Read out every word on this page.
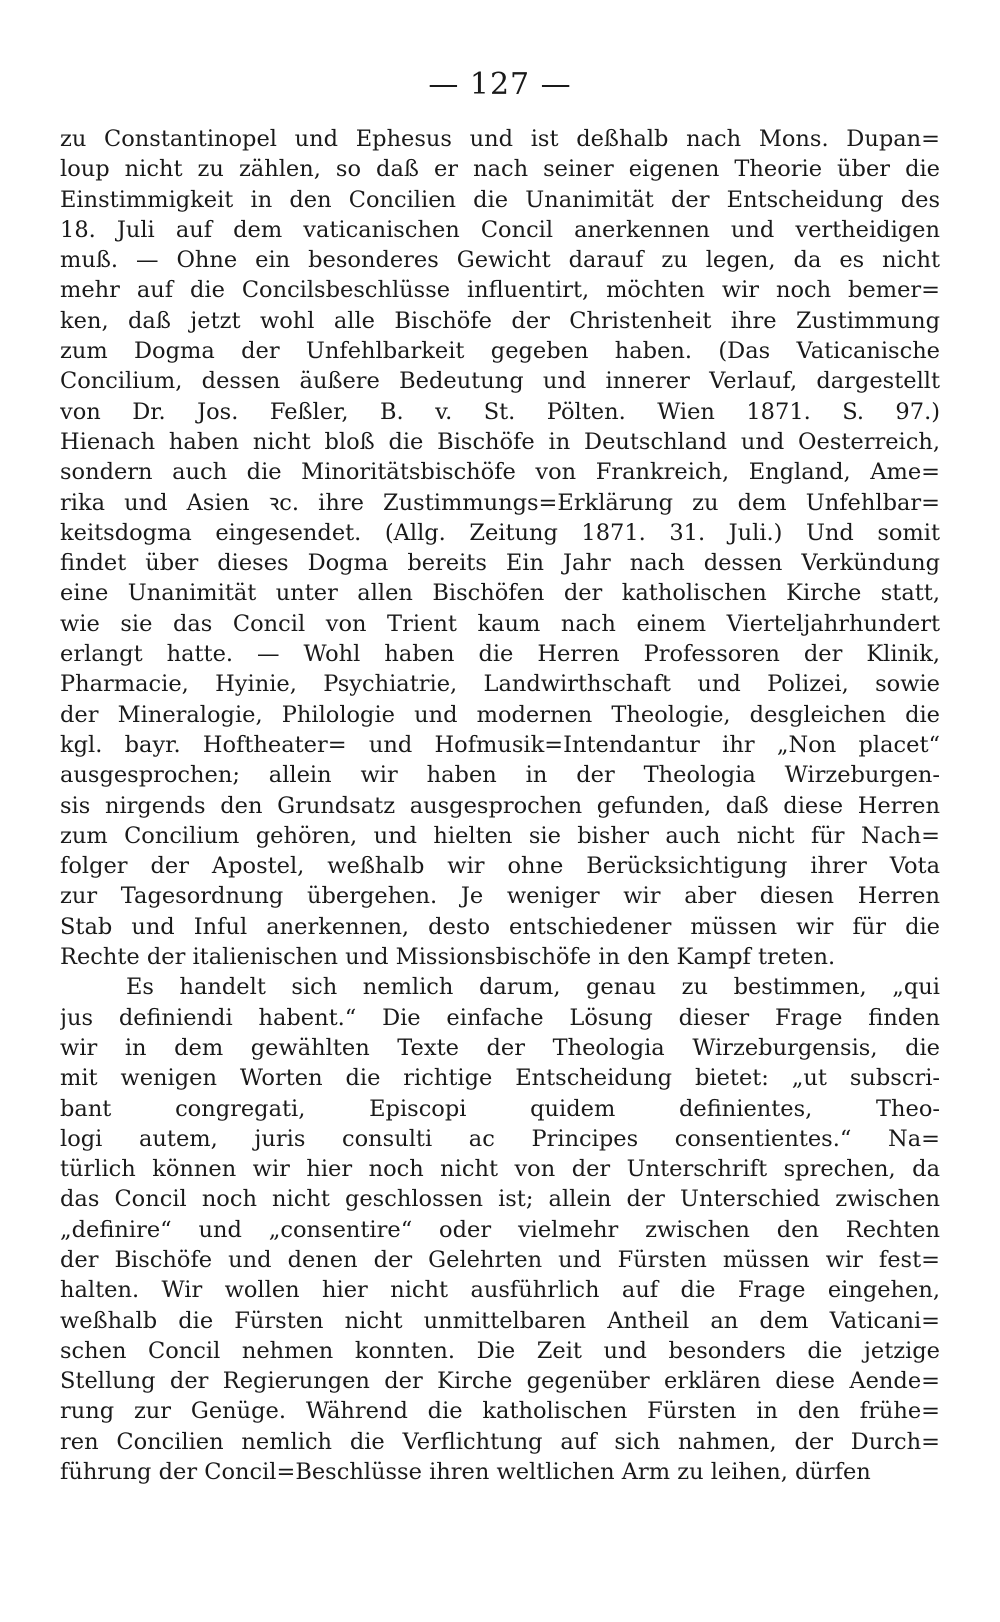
— 127 —
zu Constantinopel und Ephesus und ist deßhalb nach Mons. Dupan=
loup nicht zu zählen, so daß er nach seiner eigenen Theorie über die
Einstimmigkeit in den Concilien die Unanimität der Entscheidung des
18. Juli auf dem vaticanischen Concil anerkennen und vertheidigen
muß. — Ohne ein besonderes Gewicht darauf zu legen, da es nicht
mehr auf die Concilsbeschlüsse influentirt, möchten wir noch bemer=
ken, daß jetzt wohl alle Bischöfe der Christenheit ihre Zustimmung
zum Dogma der Unfehlbarkeit gegeben haben. (Das Vaticanische
Concilium, dessen äußere Bedeutung und innerer Verlauf, dargestellt
von Dr. Jos. Feßler, B. v. St. Pölten. Wien 1871. S. 97.)
Hienach haben nicht bloß die Bischöfe in Deutschland und Oesterreich,
sondern auch die Minoritätsbischöfe von Frankreich, England, Ame=
rika und Asien ꝛc. ihre Zustimmungs=Erklärung zu dem Unfehlbar=
keitsdogma eingesendet. (Allg. Zeitung 1871. 31. Juli.) Und somit
findet über dieses Dogma bereits Ein Jahr nach dessen Verkündung
eine Unanimität unter allen Bischöfen der katholischen Kirche statt,
wie sie das Concil von Trient kaum nach einem Vierteljahrhundert
erlangt hatte. — Wohl haben die Herren Professoren der Klinik,
Pharmacie, Hyinie, Psychiatrie, Landwirthschaft und Polizei, sowie
der Mineralogie, Philologie und modernen Theologie, desgleichen die
kgl. bayr. Hoftheater= und Hofmusik=Intendantur ihr „Non placet“
ausgesprochen; allein wir haben in der Theologia Wirzeburgen-
sis nirgends den Grundsatz ausgesprochen gefunden, daß diese Herren
zum Concilium gehören, und hielten sie bisher auch nicht für Nach=
folger der Apostel, weßhalb wir ohne Berücksichtigung ihrer Vota
zur Tagesordnung übergehen. Je weniger wir aber diesen Herren
Stab und Inful anerkennen, desto entschiedener müssen wir für die
Rechte der italienischen und Missionsbischöfe in den Kampf treten.
Es handelt sich nemlich darum, genau zu bestimmen, „qui
jus definiendi habent.“ Die einfache Lösung dieser Frage finden
wir in dem gewählten Texte der Theologia Wirzeburgensis, die
mit wenigen Worten die richtige Entscheidung bietet: „ut subscri-
bant congregati, Episcopi quidem definientes, Theo-
logi autem, juris consulti ac Principes consentientes.“ Na=
türlich können wir hier noch nicht von der Unterschrift sprechen, da
das Concil noch nicht geschlossen ist; allein der Unterschied zwischen
„definire“ und „consentire“ oder vielmehr zwischen den Rechten
der Bischöfe und denen der Gelehrten und Fürsten müssen wir fest=
halten. Wir wollen hier nicht ausführlich auf die Frage eingehen,
weßhalb die Fürsten nicht unmittelbaren Antheil an dem Vaticani=
schen Concil nehmen konnten. Die Zeit und besonders die jetzige
Stellung der Regierungen der Kirche gegenüber erklären diese Aende=
rung zur Genüge. Während die katholischen Fürsten in den frühe=
ren Concilien nemlich die Verflichtung auf sich nahmen, der Durch=
führung der Concil=Beschlüsse ihren weltlichen Arm zu leihen, dürfen
